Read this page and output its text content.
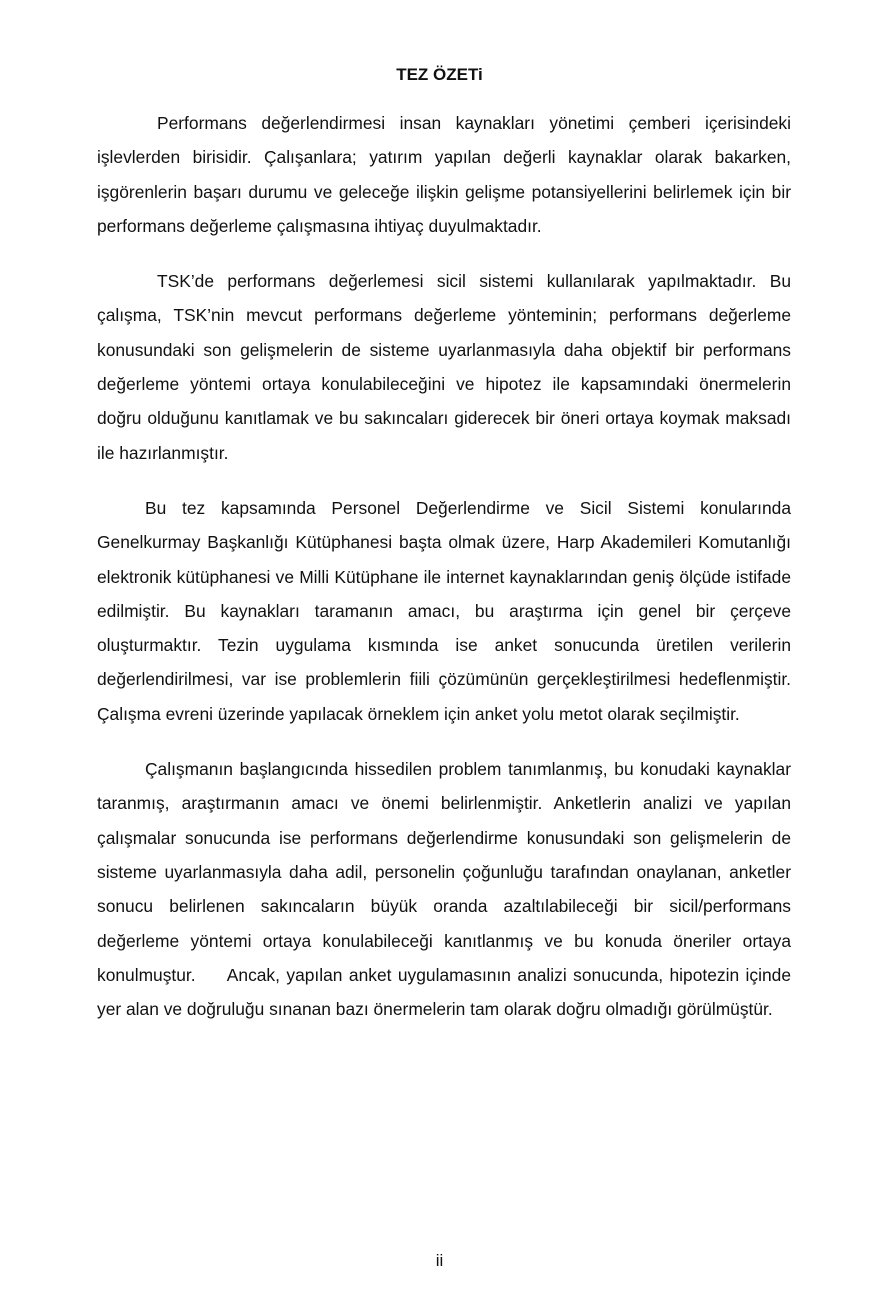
TEZ ÖZETi

Performans değerlendirmesi insan kaynakları yönetimi çemberi içerisindeki işlevlerden birisidir. Çalışanlara; yatırım yapılan değerli kaynaklar olarak bakarken, işgörenlerin başarı durumu ve geleceğe ilişkin gelişme potansiyellerini belirlemek için bir performans değerleme çalışmasına ihtiyaç duyulmaktadır.

TSK’de performans değerlemesi sicil sistemi kullanılarak yapılmaktadır. Bu çalışma, TSK’nin mevcut performans değerleme yönteminin; performans değerleme konusundaki son gelişmelerin de sisteme uyarlanmasıyla daha objektif bir performans değerleme yöntemi ortaya konulabileceğini ve hipotez ile kapsamındaki önermelerin doğru olduğunu kanıtlamak ve bu sakıncaları giderecek bir öneri ortaya koymak maksadı ile hazırlanmıştır.

Bu tez kapsamında Personel Değerlendirme ve Sicil Sistemi konularında Genelkurmay Başkanlığı Kütüphanesi başta olmak üzere, Harp Akademileri Komutanlığı elektronik kütüphanesi ve Milli Kütüphane ile internet kaynaklarından geniş ölçüde istifade edilmiştir. Bu kaynakları taramanın amacı, bu araştırma için genel bir çerçeve oluşturmaktır. Tezin uygulama kısmında ise anket sonucunda üretilen verilerin değerlendirilmesi, var ise problemlerin fiili çözümünün gerçekleştirilmesi hedeflenmiştir. Çalışma evreni üzerinde yapılacak örneklem için anket yolu metot olarak seçilmiştir.

Çalışmanın başlangıcında hissedilen problem tanımlanmış, bu konudaki kaynaklar taranmış, araştırmanın amacı ve önemi belirlenmiştir. Anketlerin analizi ve yapılan çalışmalar sonucunda ise performans değerlendirme konusundaki son gelişmelerin de sisteme uyarlanmasıyla daha adil, personelin çoğunluğu tarafından onaylanan, anketler sonucu belirlenen sakıncaların büyük oranda azaltılabileceği bir sicil/performans değerleme yöntemi ortaya konulabileceği kanıtlanmış ve bu konuda öneriler ortaya konulmuştur.     Ancak, yapılan anket uygulamasının analizi sonucunda, hipotezin içinde yer alan ve doğruluğu sınanan bazı önermelerin tam olarak doğru olmadığı görülmüştür.

ii
